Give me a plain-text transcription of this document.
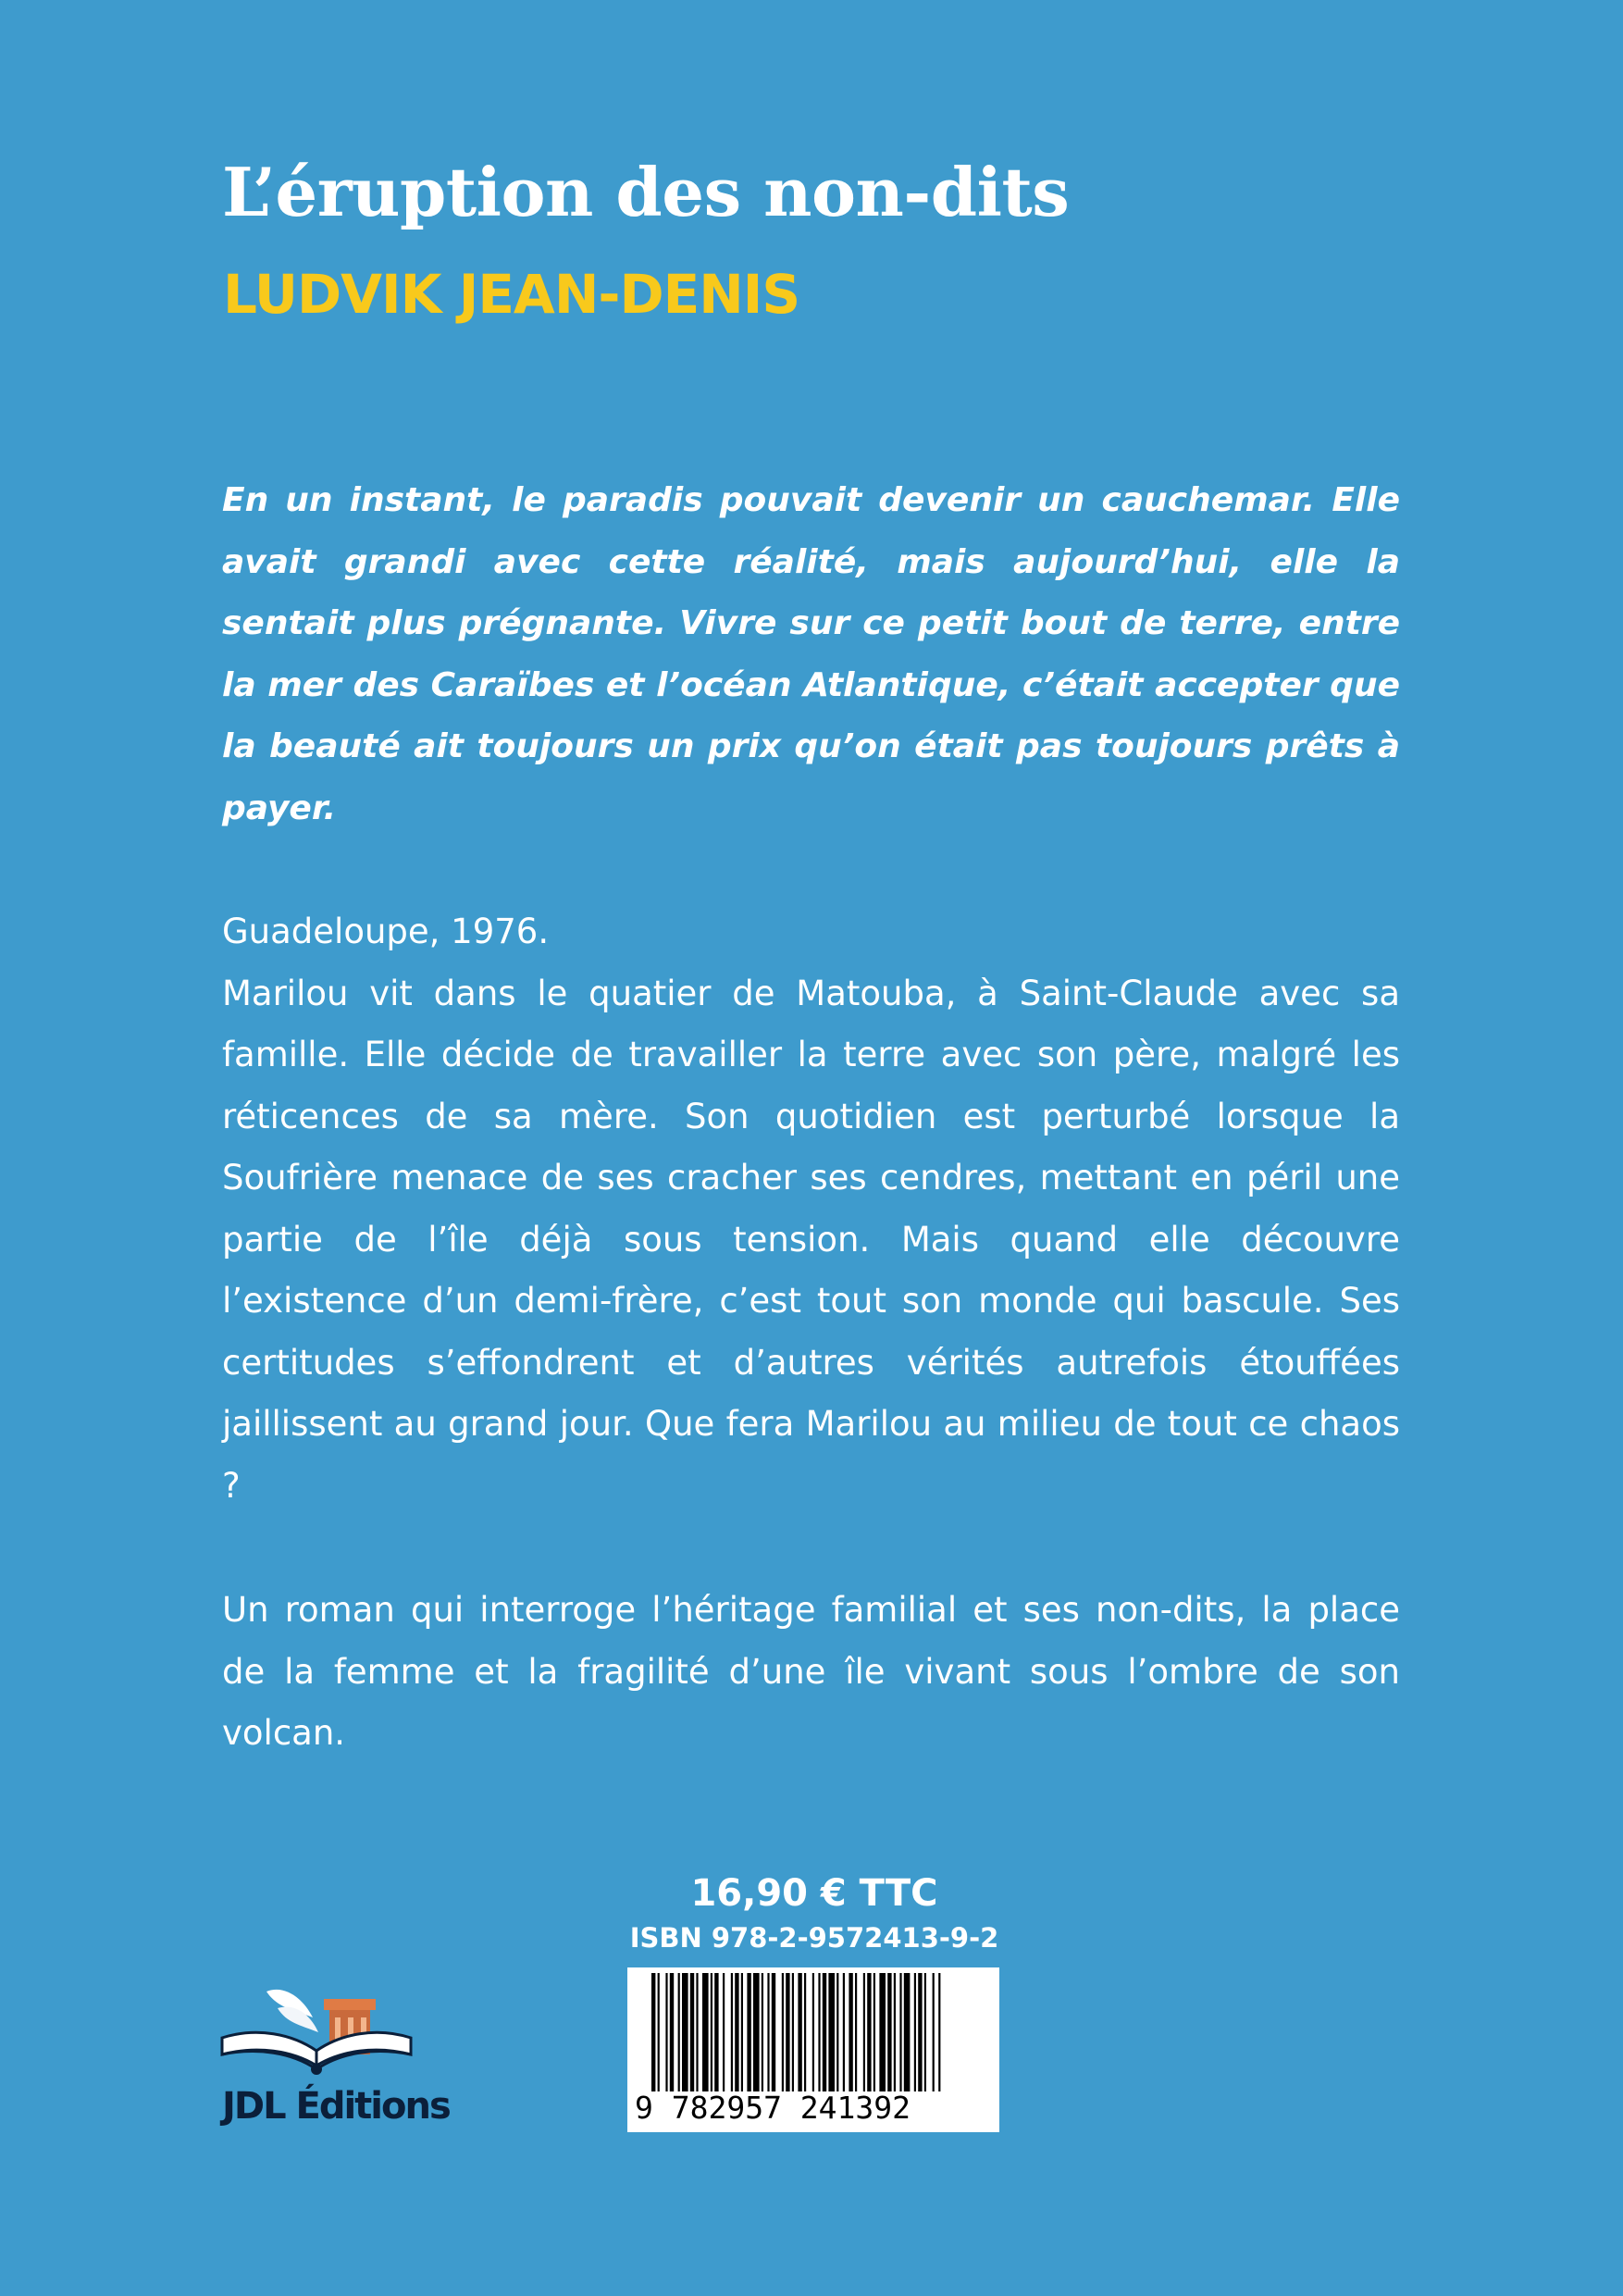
L’éruption des non-dits
LUDVIK JEAN-DENIS

En un instant, le paradis pouvait devenir un cauchemar. Elle avait grandi avec cette réalité, mais aujourd’hui, elle la sentait plus prégnante. Vivre sur ce petit bout de terre, entre la mer des Caraïbes et l’océan Atlantique, c’était accepter que la beauté ait toujours un prix qu’on était pas toujours prêts à payer.

Guadeloupe, 1976.

Marilou vit dans le quatier de Matouba, à Saint-Claude avec sa famille. Elle décide de travailler la terre avec son père, malgré les réticences de sa mère. Son quotidien est perturbé lorsque la Soufrière menace de ses cracher ses cendres, mettant en péril une partie de l’île déjà sous tension. Mais quand elle découvre l’existence d’un demi-frère, c’est tout son monde qui bascule. Ses certitudes s’effondrent et d’autres vérités autrefois étouffées jaillissent au grand jour. Que fera Marilou au milieu de tout ce chaos ?

Un roman qui interroge l’héritage familial et ses non-dits, la place de la femme et la fragilité d’une île vivant sous l’ombre de son volcan.

16,90 € TTC
ISBN 978-2-9572413-9-2
9 782957 241392
JDL Éditions
